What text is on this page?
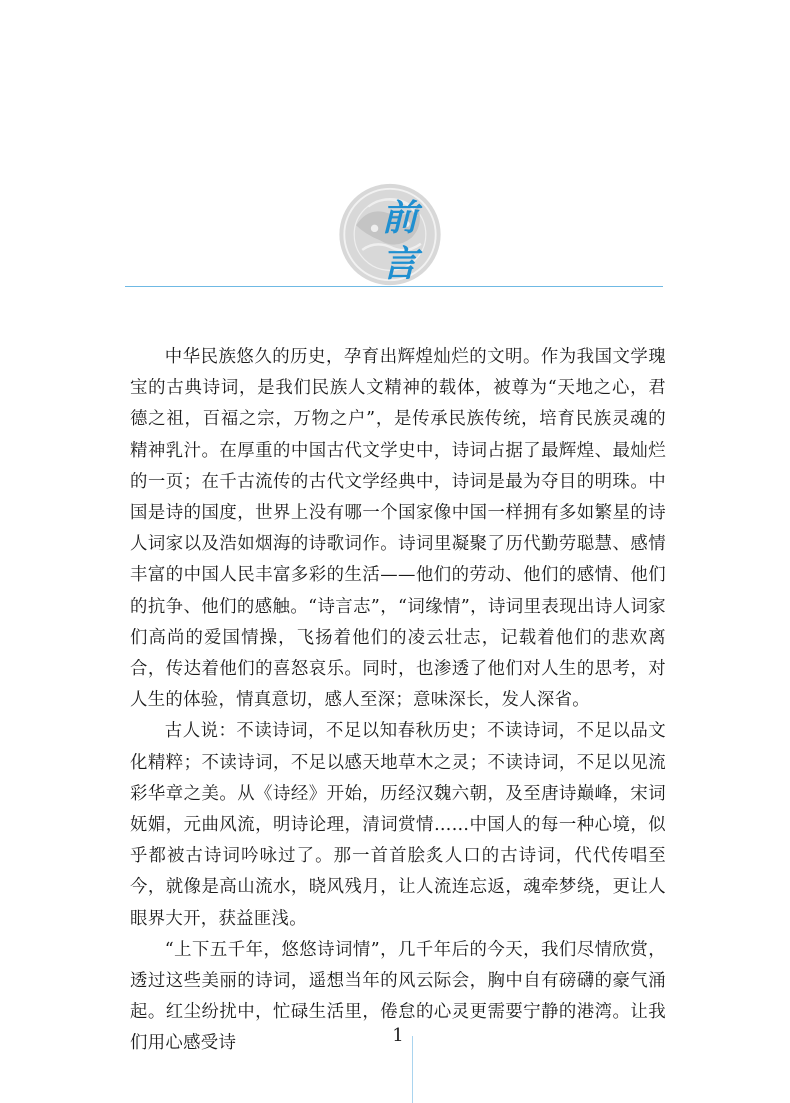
前
言

中华民族悠久的历史，孕育出辉煌灿烂的文明。作为我国文学瑰宝的古典诗词，是我们民族人文精神的载体，被尊为“天地之心，君德之祖，百福之宗，万物之户”，是传承民族传统，培育民族灵魂的精神乳汁。在厚重的中国古代文学史中，诗词占据了最辉煌、最灿烂的一页；在千古流传的古代文学经典中，诗词是最为夺目的明珠。中国是诗的国度，世界上没有哪一个国家像中国一样拥有多如繁星的诗人词家以及浩如烟海的诗歌词作。诗词里凝聚了历代勤劳聪慧、感情丰富的中国人民丰富多彩的生活——他们的劳动、他们的感情、他们的抗争、他们的感触。“诗言志”，“词缘情”，诗词里表现出诗人词家们高尚的爱国情操，飞扬着他们的凌云壮志，记载着他们的悲欢离合，传达着他们的喜怒哀乐。同时，也渗透了他们对人生的思考，对人生的体验，情真意切，感人至深；意味深长，发人深省。

古人说：不读诗词，不足以知春秋历史；不读诗词，不足以品文化精粹；不读诗词，不足以感天地草木之灵；不读诗词，不足以见流彩华章之美。从《诗经》开始，历经汉魏六朝，及至唐诗巅峰，宋词妩媚，元曲风流，明诗论理，清词赏情……中国人的每一种心境，似乎都被古诗词吟咏过了。那一首首脍炙人口的古诗词，代代传唱至今，就像是高山流水，晓风残月，让人流连忘返，魂牵梦绕，更让人眼界大开，获益匪浅。

“上下五千年，悠悠诗词情”，几千年后的今天，我们尽情欣赏，透过这些美丽的诗词，遥想当年的风云际会，胸中自有磅礴的豪气涌起。红尘纷扰中，忙碌生活里，倦怠的心灵更需要宁静的港湾。让我们用心感受诗	1
